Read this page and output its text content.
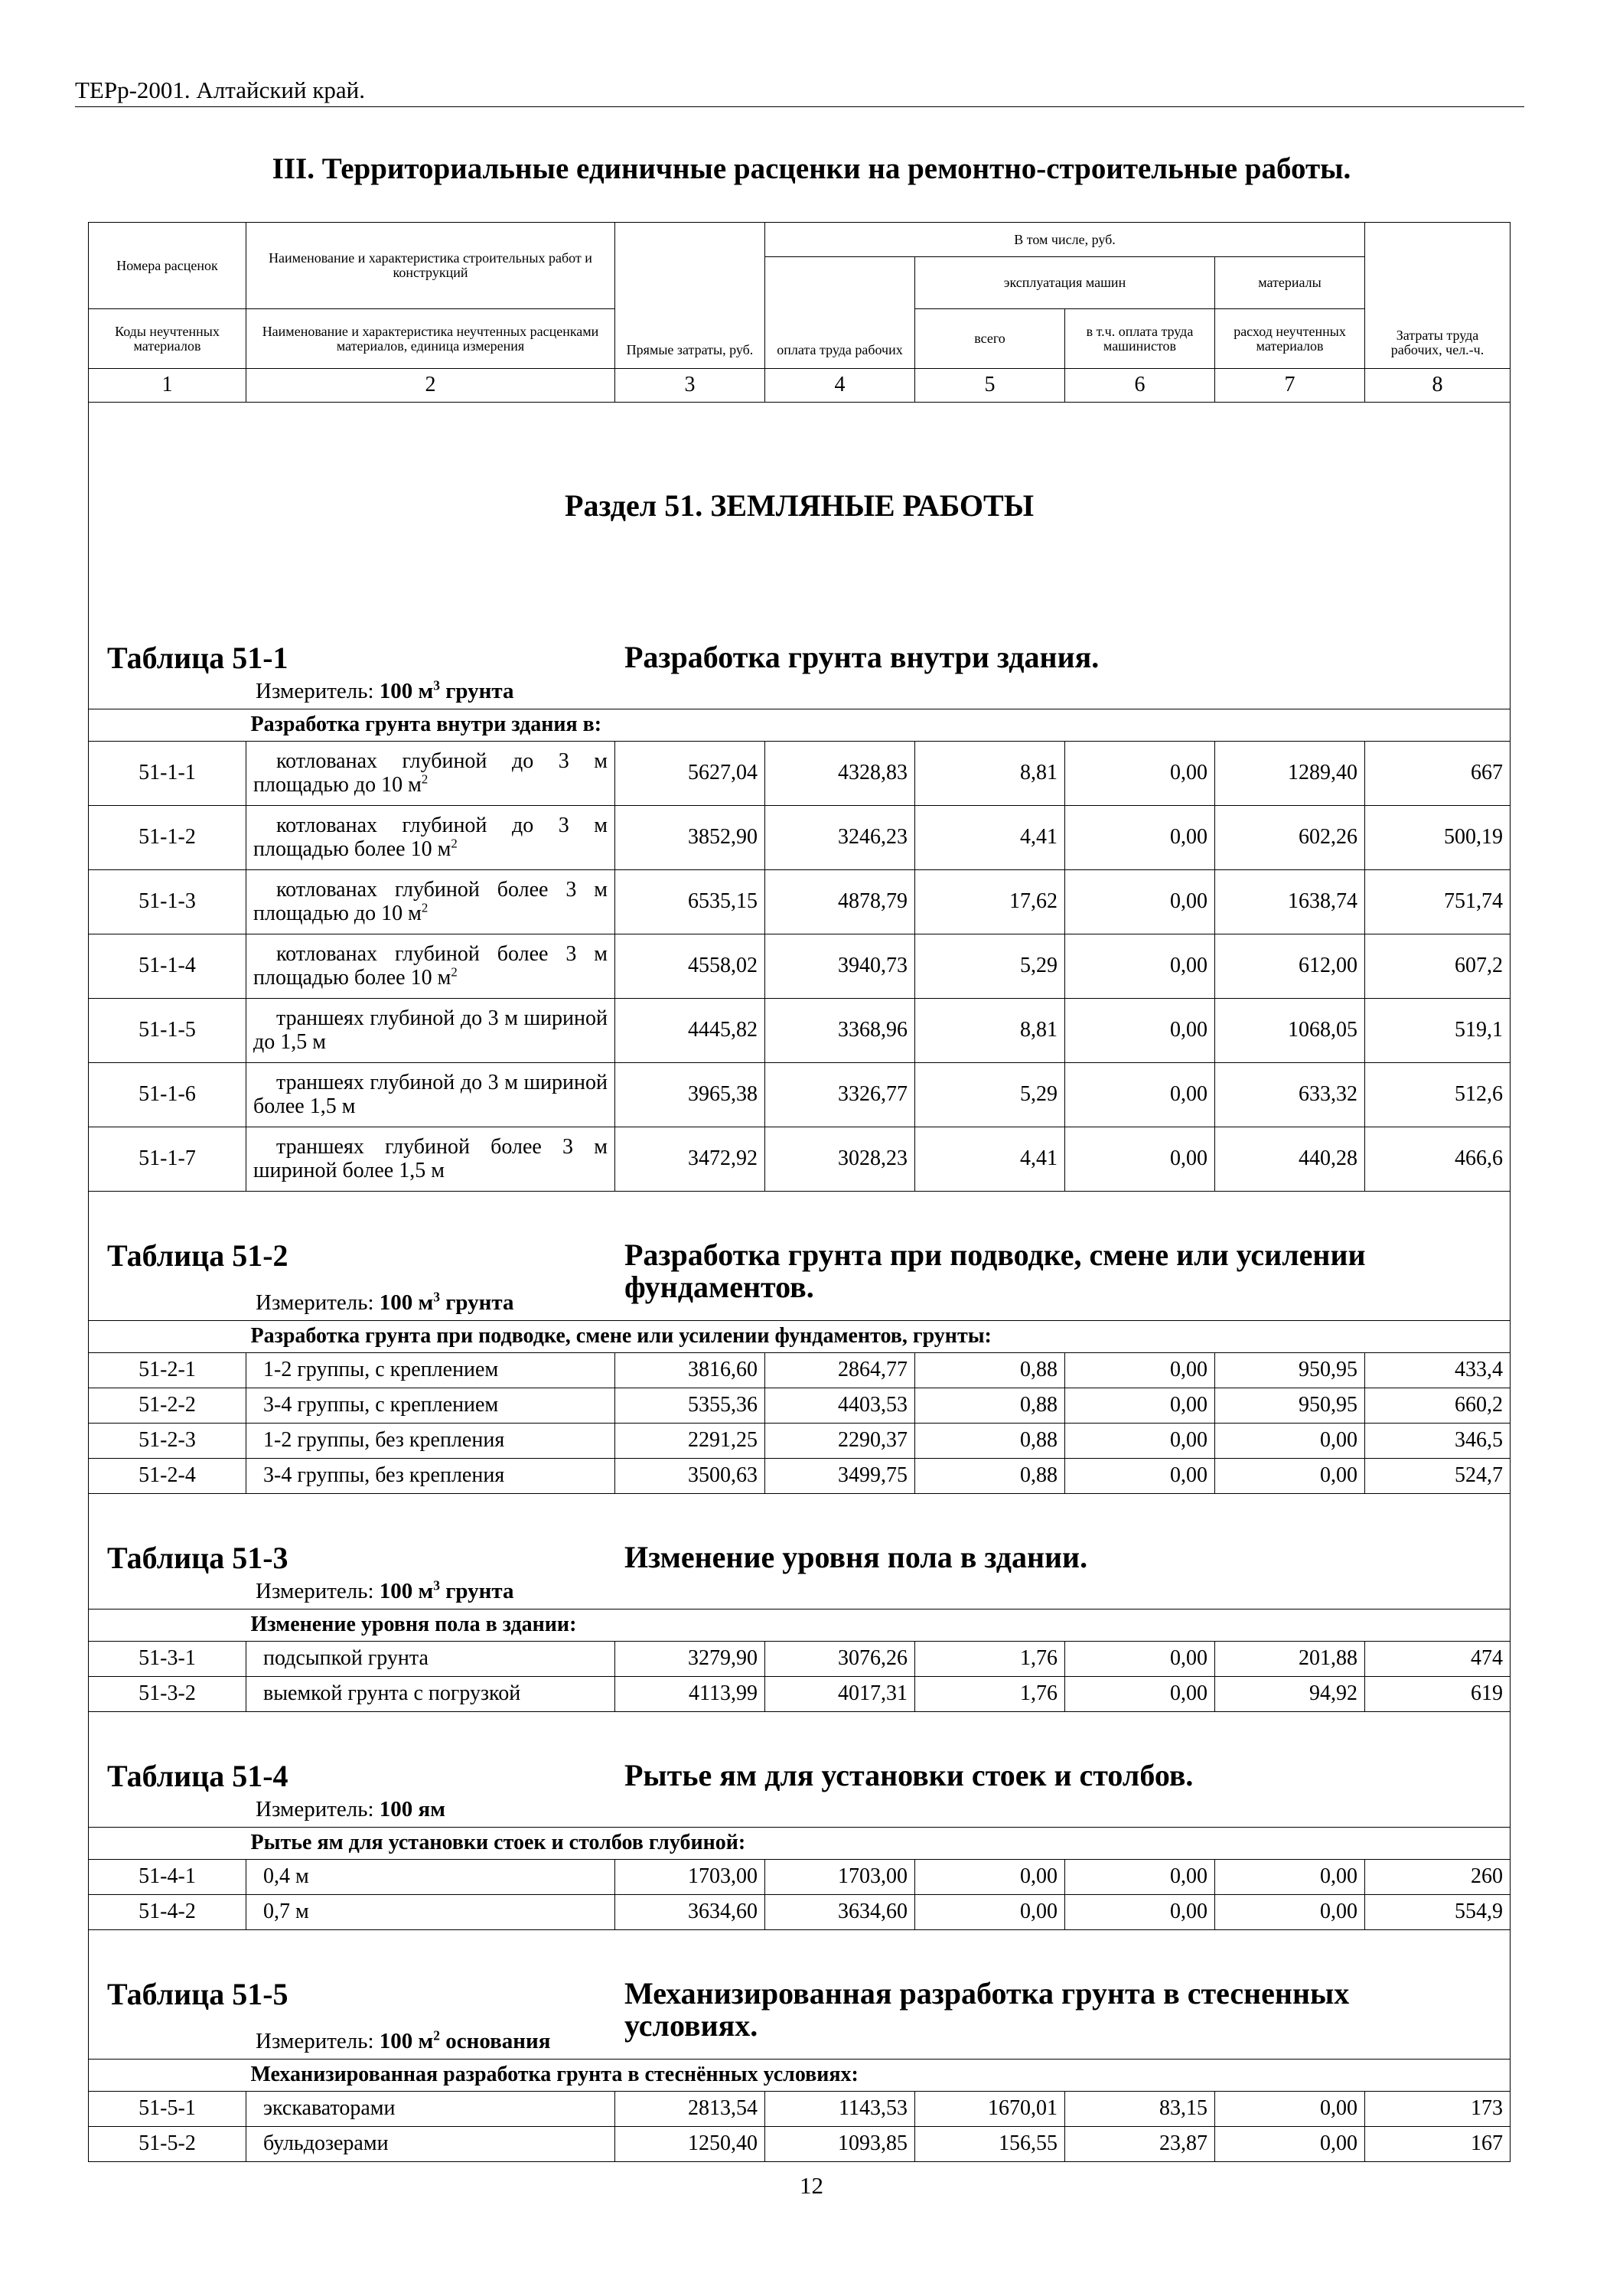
ТЕРр-2001. Алтайский край.
III. Территориальные единичные расценки на ремонтно-строительные работы.
Номера расценок	Наименование и характеристика строительных работ и конструкций	Прямые затраты, руб.	В том числе, руб.				Затраты труда рабочих, чел.-ч.
			оплата труда рабочих	эксплуатация машин		материалы	
Коды неучтенных материалов	Наименование и характеристика неучтенных расценками материалов, единица измерения			всего	в т.ч. оплата труда машинистов	расход неучтенных материалов	
1	2	3	4	5	6	7	8
Раздел 51. ЗЕМЛЯНЫЕ РАБОТЫ							

Таблица 51-1 Разработка грунта внутри здания.
Измеритель: 100 $м^3$ грунта							

	Разработка грунта внутри здания в:						
51-1-1	котлованах глубиной до 3 м площадью до 10 $м^2$	5627,04	4328,83	8,81	0,00	1289,40	667
51-1-2	котлованах глубиной до 3 м площадью более 10 $м^2$	3852,90	3246,23	4,41	0,00	602,26	500,19
51-1-3	котлованах глубиной более 3 м площадью до 10 $м^2$	6535,15	4878,79	17,62	0,00	1638,74	751,74
51-1-4	котлованах глубиной более 3 м площадью более 10 $м^2$	4558,02	3940,73	5,29	0,00	612,00	607,2
51-1-5	траншеях глубиной до 3 м шириной до 1,5 м	4445,82	3368,96	8,81	0,00	1068,05	519,1
51-1-6	траншеях глубиной до 3 м шириной более 1,5 м	3965,38	3326,77	5,29	0,00	633,32	512,6
51-1-7	траншеях глубиной более 3 м шириной более 1,5 м	3472,92	3028,23	4,41	0,00	440,28	466,6

Таблица 51-2 Разработка грунта при подводке, смене или усилении фундаментов.
Измеритель: 100 $м^3$ грунта							

	Разработка грунта при подводке, смене или усилении фундаментов, грунты:						
51-2-1	1-2 группы, с креплением	3816,60	2864,77	0,88	0,00	950,95	433,4
51-2-2	3-4 группы, с креплением	5355,36	4403,53	0,88	0,00	950,95	660,2
51-2-3	1-2 группы, без крепления	2291,25	2290,37	0,88	0,00	0,00	346,5
51-2-4	3-4 группы, без крепления	3500,63	3499,75	0,88	0,00	0,00	524,7

Таблица 51-3 Изменение уровня пола в здании.
Измеритель: 100 $м^3$ грунта							

	Изменение уровня пола в здании:						
51-3-1	подсыпкой грунта	3279,90	3076,26	1,76	0,00	201,88	474
51-3-2	выемкой грунта с погрузкой	4113,99	4017,31	1,76	0,00	94,92	619

Таблица 51-4 Рытье ям для установки стоек и столбов.
Измеритель: 100 ям							

	Рытье ям для установки стоек и столбов глубиной:						
51-4-1	0,4 м	1703,00	1703,00	0,00	0,00	0,00	260
51-4-2	0,7 м	3634,60	3634,60	0,00	0,00	0,00	554,9

Таблица 51-5 Механизированная разработка грунта в стесненных условиях.
Измеритель: 100 $м^2$ основания							

	Механизированная разработка грунта в стеснённых условиях:						
51-5-1	экскаваторами	2813,54	1143,53	1670,01	83,15	0,00	173
51-5-2	бульдозерами	1250,40	1093,85	156,55	23,87	0,00	167
12
